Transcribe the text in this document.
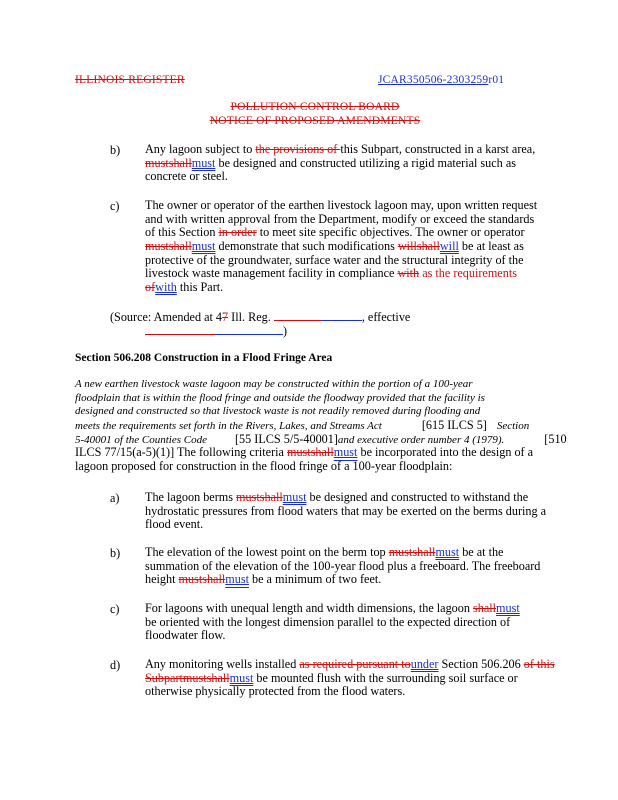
ILLINOIS REGISTER	JCAR350506-2303259r01
POLLUTION CONTROL BOARD
NOTICE OF PROPOSED AMENDMENTS
b) Any lagoon subject to the provisions of this Subpart, constructed in a karst area,
mustshallmust be designed and constructed utilizing a rigid material such as
concrete or steel.
c) The owner or operator of the earthen livestock lagoon may, upon written request
and with written approval from the Department, modify or exceed the standards
of this Section in order to meet site specific objectives. The owner or operator
mustshallmust demonstrate that such modifications willshallwill be at least as
protective of the groundwater, surface water and the structural integrity of the
livestock waste management facility in compliance with as the requirements
ofwith this Part.
(Source: Amended at 47 Ill. Reg.	, effective
)
Section 506.208 Construction in a Flood Fringe Area
A new earthen livestock waste lagoon may be constructed within the portion of a 100-year
floodplain that is within the flood fringe and outside the floodway provided that the facility is
designed and constructed so that livestock waste is not readily removed during flooding and
meets the requirements set forth in the Rivers, Lakes, and Streams Act	[615 ILCS 5] Section
5-40001 of the Counties Code [55 ILCS 5/5-40001]and executive order number 4 (1979).	[510
ILCS 77/15(a-5)(1)] The following criteria mustshallmust be incorporated into the design of a
lagoon proposed for construction in the flood fringe of a 100-year floodplain:
a) The lagoon berms mustshallmust be designed and constructed to withstand the
hydrostatic pressures from flood waters that may be exerted on the berms during a
flood event.
b) The elevation of the lowest point on the berm top mustshallmust be at the
summation of the elevation of the 100-year flood plus a freeboard. The freeboard
height mustshallmust be a minimum of two feet.
c) For lagoons with unequal length and width dimensions, the lagoon shallmust
be oriented with the longest dimension parallel to the expected direction of
floodwater flow.
d) Any monitoring wells installed as required pursuant tounder Section 506.206 of this
Subpartmustshallmust be mounted flush with the surrounding soil surface or
otherwise physically protected from the flood waters.
